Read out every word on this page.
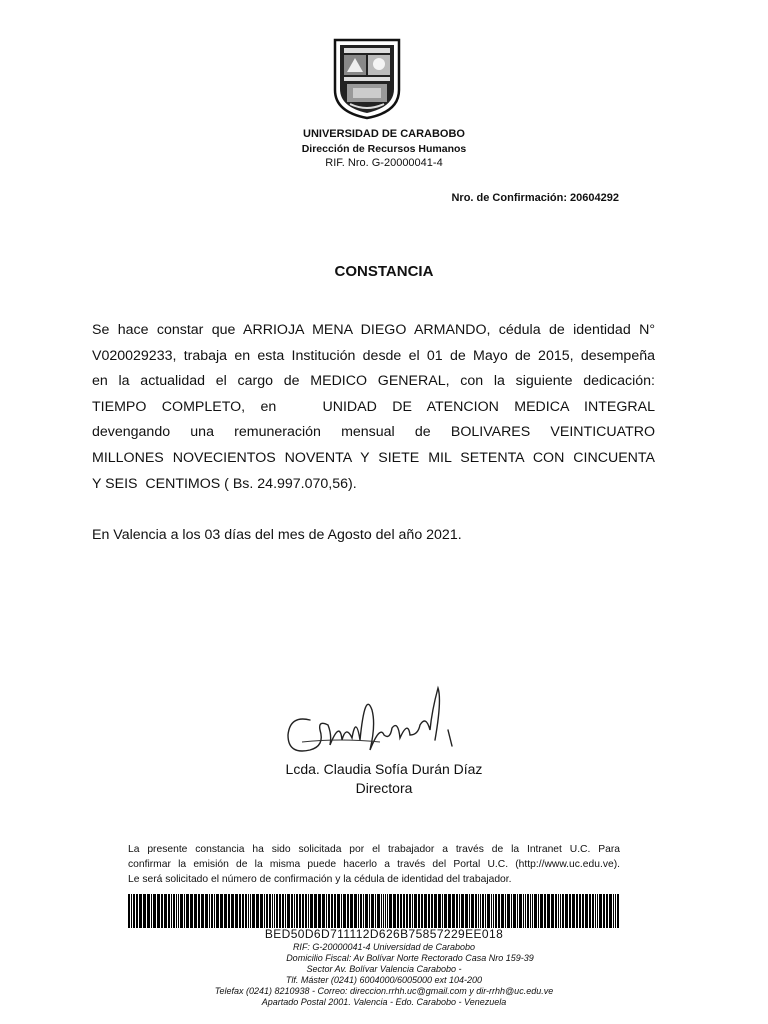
UNIVERSIDAD DE CARABOBO
Dirección de Recursos Humanos
RIF. Nro. G-20000041-4
Nro. de Confirmación: 20604292
CONSTANCIA
Se hace constar que ARRIOJA MENA DIEGO ARMANDO, cédula de identidad N°
V020029233, trabaja en esta Institución desde el 01 de Mayo de 2015, desempeña
en la actualidad el cargo de MEDICO GENERAL, con la siguiente dedicación:
TIEMPO COMPLETO, en   UNIDAD DE ATENCION MEDICA INTEGRAL
devengando una remuneración mensual de BOLIVARES VEINTICUATRO
MILLONES NOVECIENTOS NOVENTA Y SIETE MIL SETENTA CON CINCUENTA
Y SEIS  CENTIMOS ( Bs. 24.997.070,56).
En Valencia a los 03 días del mes de Agosto del año 2021.
Lcda. Claudia Sofía Durán Díaz
Directora
La presente constancia ha sido solicitada por el trabajador a través de la Intranet U.C. Para
confirmar la emisión de la misma puede hacerlo a través del Portal U.C. (http://www.uc.edu.ve).
Le será solicitado el número de confirmación y la cédula de identidad del trabajador.
BED50D6D711112D626B75857229EE018
RIF: G-20000041-4 Universidad de Carabobo
Domicilio Fiscal: Av Bolívar Norte Rectorado Casa Nro 159-39
Sector Av. Bolívar Valencia Carabobo -
Tlf. Máster (0241) 6004000/6005000 ext 104-200
Telefax (0241) 8210938 - Correo: direccion.rrhh.uc@gmail.com y dir-rrhh@uc.edu.ve
Apartado Postal 2001. Valencia - Edo. Carabobo - Venezuela
